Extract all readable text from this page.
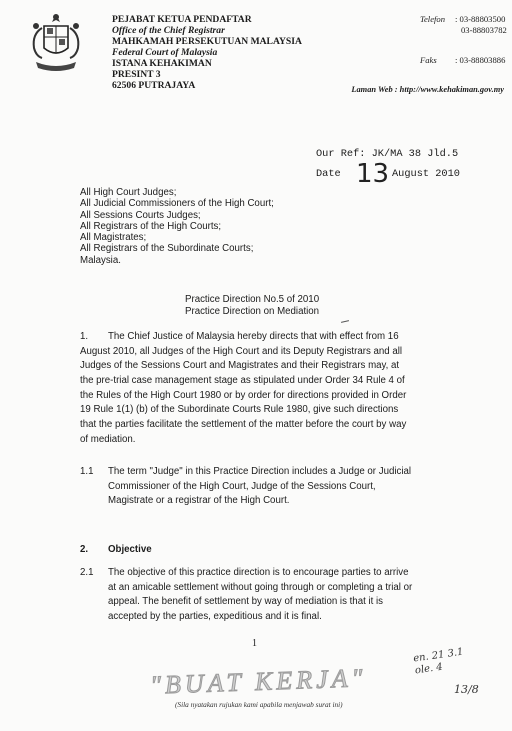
PEJABAT KETUA PENDAFTAR
Office of the Chief Registrar
MAHKAMAH PERSEKUTUAN MALAYSIA
Federal Court of Malaysia
ISTANA KEHAKIMAN
PRESINT 3
62506 PUTRAJAYA
Telefon : 03-88803500
03-88803782
Faks : 03-88803886
Laman Web : http://www.kehakiman.gov.my
Our Ref: JK/MA 38 Jld.5
Date 13 August 2010
All High Court Judges;
All Judicial Commissioners of the High Court;
All Sessions Courts Judges;
All Registrars of the High Courts;
All Magistrates;
All Registrars of the Subordinate Courts;
Malaysia.
Practice Direction No.5 of 2010
Practice Direction on Mediation
1.	The Chief Justice of Malaysia hereby directs that with effect from 16
August 2010, all Judges of the High Court and its Deputy Registrars and all
Judges of the Sessions Court and Magistrates and their Registrars may, at
the pre-trial case management stage as stipulated under Order 34 Rule 4 of
the Rules of the High Court 1980 or by order for directions provided in Order
19 Rule 1(1) (b) of the Subordinate Courts Rule 1980, give such directions
that the parties facilitate the settlement of the matter before the court by way
of mediation.
1.1 The term "Judge" in this Practice Direction includes a Judge or Judicial
Commissioner of the High Court, Judge of the Sessions Court,
Magistrate or a registrar of the High Court.
2. Objective
2.1 The objective of this practice direction is to encourage parties to arrive
at an amicable settlement without going through or completing a trial or
appeal. The benefit of settlement by way of mediation is that it is
accepted by the parties, expeditious and it is final.
1
"BUAT KERJA"
(Sila nyatakan rujukan kami apabila menjawab surat ini)
en. 21 3.1
ole. 4
13/8
